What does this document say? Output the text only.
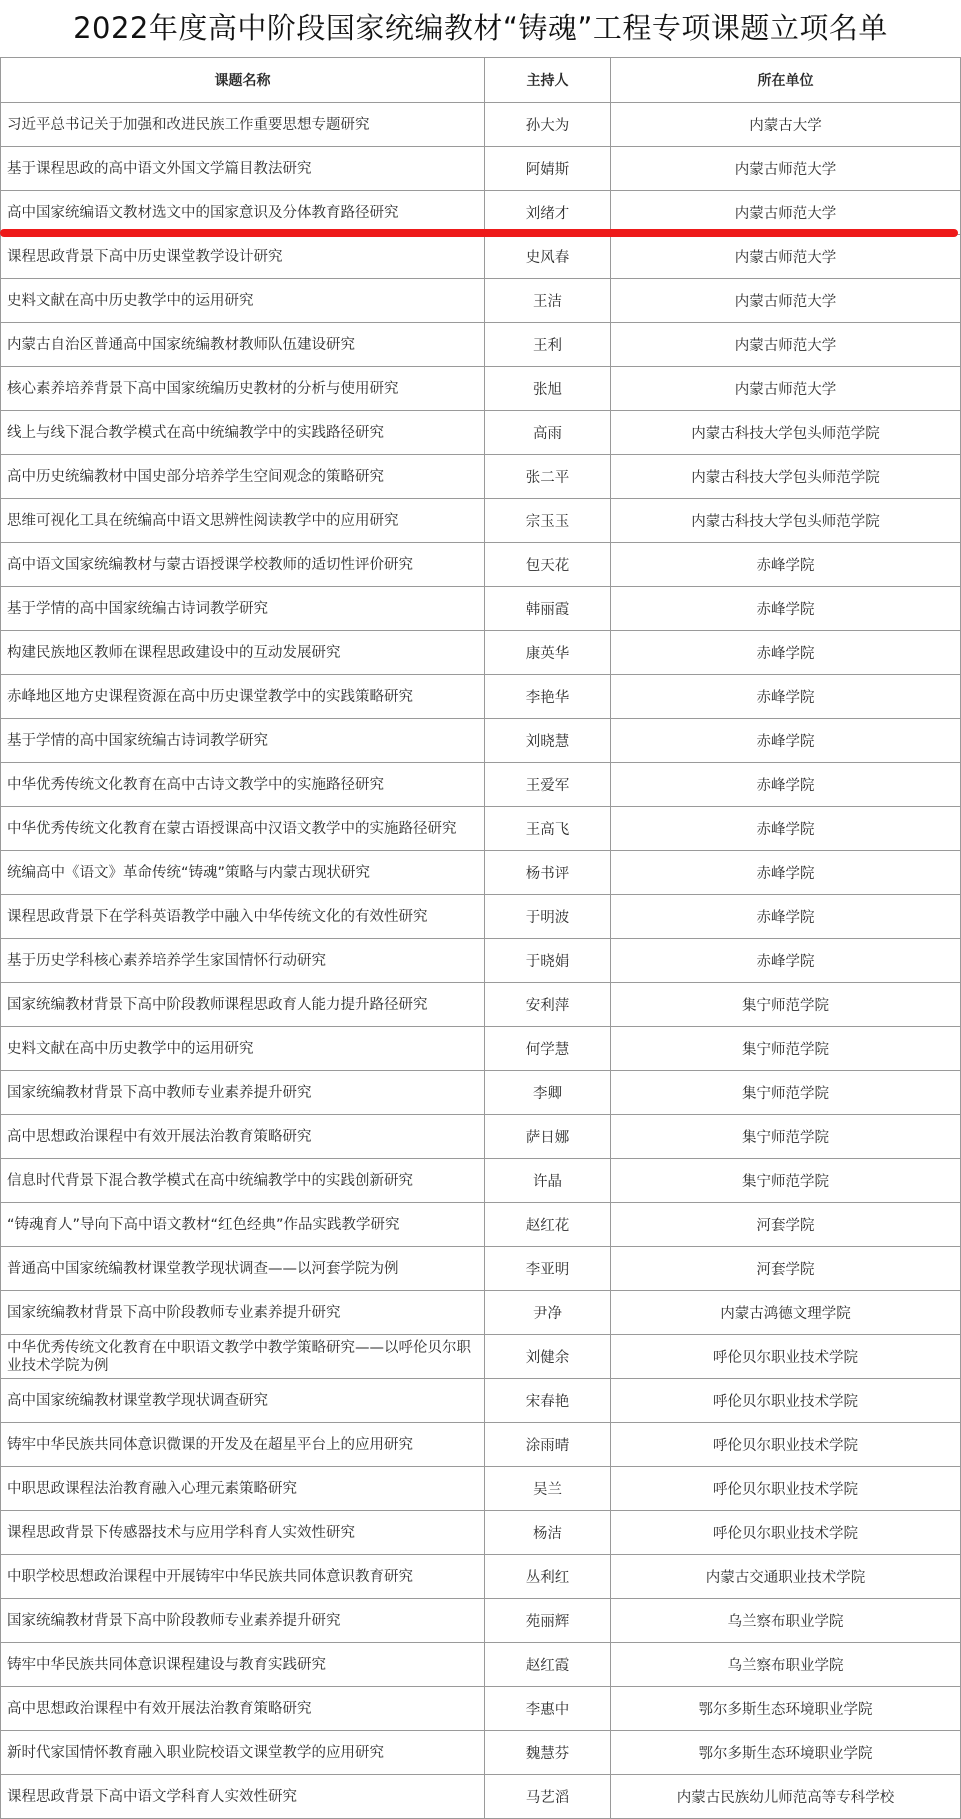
2022年度高中阶段国家统编教材“铸魂”工程专项课题立项名单
课题名称	主持人	所在单位
习近平总书记关于加强和改进民族工作重要思想专题研究	孙大为	内蒙古大学
基于课程思政的高中语文外国文学篇目教法研究	阿婧斯	内蒙古师范大学
高中国家统编语文教材选文中的国家意识及分体教育路径研究	刘绪才	内蒙古师范大学
课程思政背景下高中历史课堂教学设计研究	史风春	内蒙古师范大学
史料文献在高中历史教学中的运用研究	王洁	内蒙古师范大学
内蒙古自治区普通高中国家统编教材教师队伍建设研究	王利	内蒙古师范大学
核心素养培养背景下高中国家统编历史教材的分析与使用研究	张旭	内蒙古师范大学
线上与线下混合教学模式在高中统编教学中的实践路径研究	高雨	内蒙古科技大学包头师范学院
高中历史统编教材中国史部分培养学生空间观念的策略研究	张二平	内蒙古科技大学包头师范学院
思维可视化工具在统编高中语文思辨性阅读教学中的应用研究	宗玉玉	内蒙古科技大学包头师范学院
高中语文国家统编教材与蒙古语授课学校教师的适切性评价研究	包天花	赤峰学院
基于学情的高中国家统编古诗词教学研究	韩丽霞	赤峰学院
构建民族地区教师在课程思政建设中的互动发展研究	康英华	赤峰学院
赤峰地区地方史课程资源在高中历史课堂教学中的实践策略研究	李艳华	赤峰学院
基于学情的高中国家统编古诗词教学研究	刘晓慧	赤峰学院
中华优秀传统文化教育在高中古诗文教学中的实施路径研究	王爱军	赤峰学院
中华优秀传统文化教育在蒙古语授课高中汉语文教学中的实施路径研究	王高飞	赤峰学院
统编高中《语文》革命传统“铸魂”策略与内蒙古现状研究	杨书评	赤峰学院
课程思政背景下在学科英语教学中融入中华传统文化的有效性研究	于明波	赤峰学院
基于历史学科核心素养培养学生家国情怀行动研究	于晓娟	赤峰学院
国家统编教材背景下高中阶段教师课程思政育人能力提升路径研究	安利萍	集宁师范学院
史料文献在高中历史教学中的运用研究	何学慧	集宁师范学院
国家统编教材背景下高中教师专业素养提升研究	李卿	集宁师范学院
高中思想政治课程中有效开展法治教育策略研究	萨日娜	集宁师范学院
信息时代背景下混合教学模式在高中统编教学中的实践创新研究	许晶	集宁师范学院
“铸魂育人”导向下高中语文教材“红色经典”作品实践教学研究	赵红花	河套学院
普通高中国家统编教材课堂教学现状调查——以河套学院为例	李亚明	河套学院
国家统编教材背景下高中阶段教师专业素养提升研究	尹净	内蒙古鸿德文理学院
中华优秀传统文化教育在中职语文教学中教学策略研究——以呼伦贝尔职业技术学院为例	刘健余	呼伦贝尔职业技术学院
高中国家统编教材课堂教学现状调查研究	宋春艳	呼伦贝尔职业技术学院
铸牢中华民族共同体意识微课的开发及在超星平台上的应用研究	涂雨晴	呼伦贝尔职业技术学院
中职思政课程法治教育融入心理元素策略研究	吴兰	呼伦贝尔职业技术学院
课程思政背景下传感器技术与应用学科育人实效性研究	杨洁	呼伦贝尔职业技术学院
中职学校思想政治课程中开展铸牢中华民族共同体意识教育研究	丛利红	内蒙古交通职业技术学院
国家统编教材背景下高中阶段教师专业素养提升研究	苑丽辉	乌兰察布职业学院
铸牢中华民族共同体意识课程建设与教育实践研究	赵红霞	乌兰察布职业学院
高中思想政治课程中有效开展法治教育策略研究	李惠中	鄂尔多斯生态环境职业学院
新时代家国情怀教育融入职业院校语文课堂教学的应用研究	魏慧芬	鄂尔多斯生态环境职业学院
课程思政背景下高中语文学科育人实效性研究	马艺滔	内蒙古民族幼儿师范高等专科学校
